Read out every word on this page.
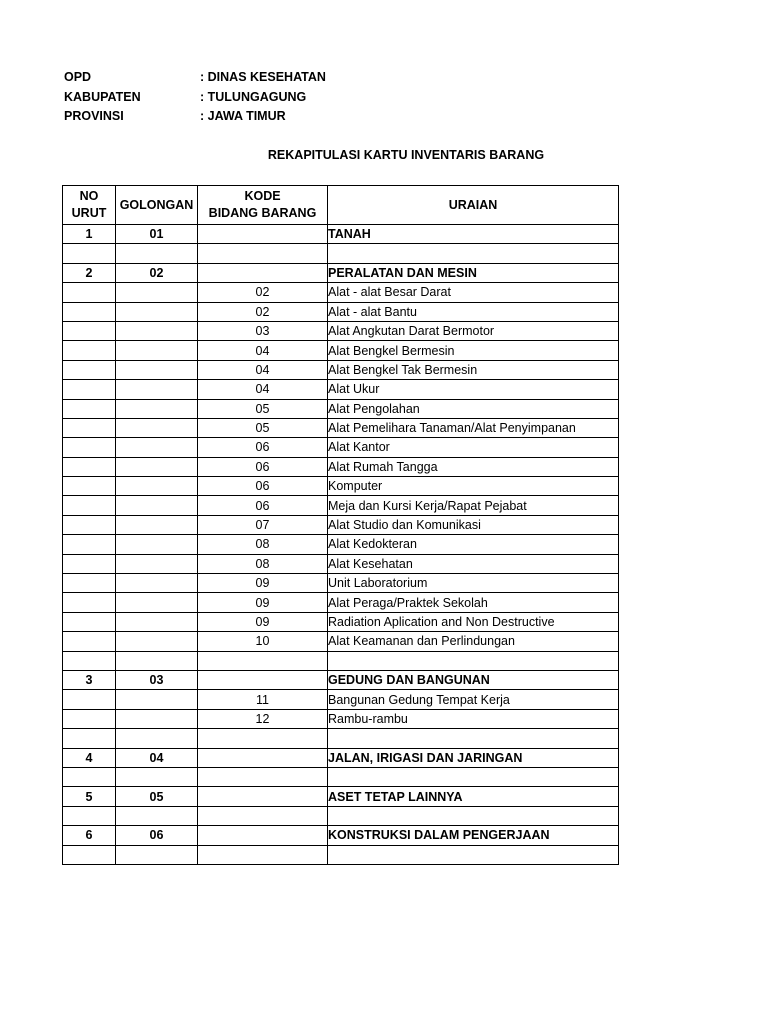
OPD	: DINAS KESEHATAN
KABUPATEN	: TULUNGAGUNG
PROVINSI	: JAWA TIMUR
REKAPITULASI KARTU INVENTARIS BARANG
NO
URUT	GOLONGAN	KODE
BIDANG BARANG	URAIAN
1	01		TANAH

2	02		PERALATAN DAN MESIN
		02	Alat - alat Besar Darat
		02	Alat - alat Bantu
		03	Alat Angkutan Darat Bermotor
		04	Alat Bengkel Bermesin
		04	Alat Bengkel Tak Bermesin
		04	Alat Ukur
		05	Alat Pengolahan
		05	Alat Pemelihara Tanaman/Alat Penyimpanan
		06	Alat Kantor
		06	Alat Rumah Tangga
		06	Komputer
		06	Meja dan Kursi Kerja/Rapat Pejabat
		07	Alat Studio dan Komunikasi
		08	Alat Kedokteran
		08	Alat Kesehatan
		09	Unit Laboratorium
		09	Alat Peraga/Praktek Sekolah
		09	Radiation Aplication and Non Destructive
		10	Alat Keamanan dan Perlindungan

3	03		GEDUNG DAN BANGUNAN
		11	Bangunan Gedung Tempat Kerja
		12	Rambu-rambu

4	04		JALAN, IRIGASI DAN JARINGAN

5	05		ASET TETAP LAINNYA

6	06		KONSTRUKSI DALAM PENGERJAAN
